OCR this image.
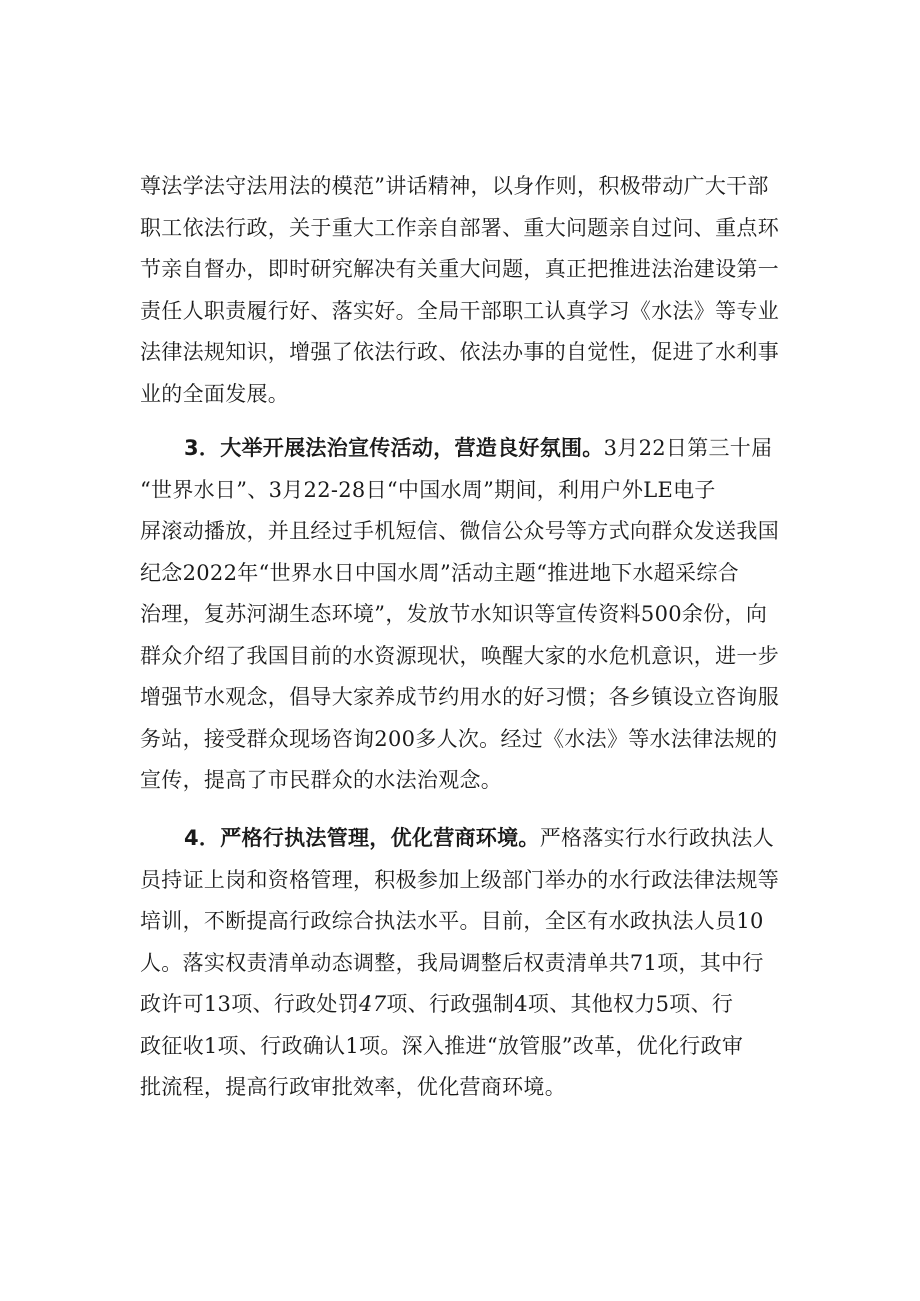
尊法学法守法用法的模范”讲话精神，以身作则，积极带动广大干部
职工依法行政，关于重大工作亲自部署、重大问题亲自过问、重点环
节亲自督办，即时研究解决有关重大问题，真正把推进法治建设第一
责任人职责履行好、落实好。全局干部职工认真学习《水法》等专业
法律法规知识，增强了依法行政、依法办事的自觉性，促进了水利事
业的全面发展。
3．大举开展法治宣传活动，营造良好氛围。3月22日第三十届
“世界水日”、3月22-28日“中国水周”期间，利用户外LE电子
屏滚动播放，并且经过手机短信、微信公众号等方式向群众发送我国
纪念2022年“世界水日中国水周”活动主题“推进地下水超采综合
治理，复苏河湖生态环境”，发放节水知识等宣传资料500余份，向
群众介绍了我国目前的水资源现状，唤醒大家的水危机意识，进一步
增强节水观念，倡导大家养成节约用水的好习惯；各乡镇设立咨询服
务站，接受群众现场咨询200多人次。经过《水法》等水法律法规的
宣传，提高了市民群众的水法治观念。
4．严格行执法管理，优化营商环境。严格落实行水行政执法人
员持证上岗和资格管理，积极参加上级部门举办的水行政法律法规等
培训，不断提高行政综合执法水平。目前，全区有水政执法人员10
人。落实权责清单动态调整，我局调整后权责清单共71项，其中行
政许可13项、行政处罚47项、行政强制4项、其他权力5项、行
政征收1项、行政确认1项。深入推进“放管服”改革，优化行政审
批流程，提高行政审批效率，优化营商环境。
